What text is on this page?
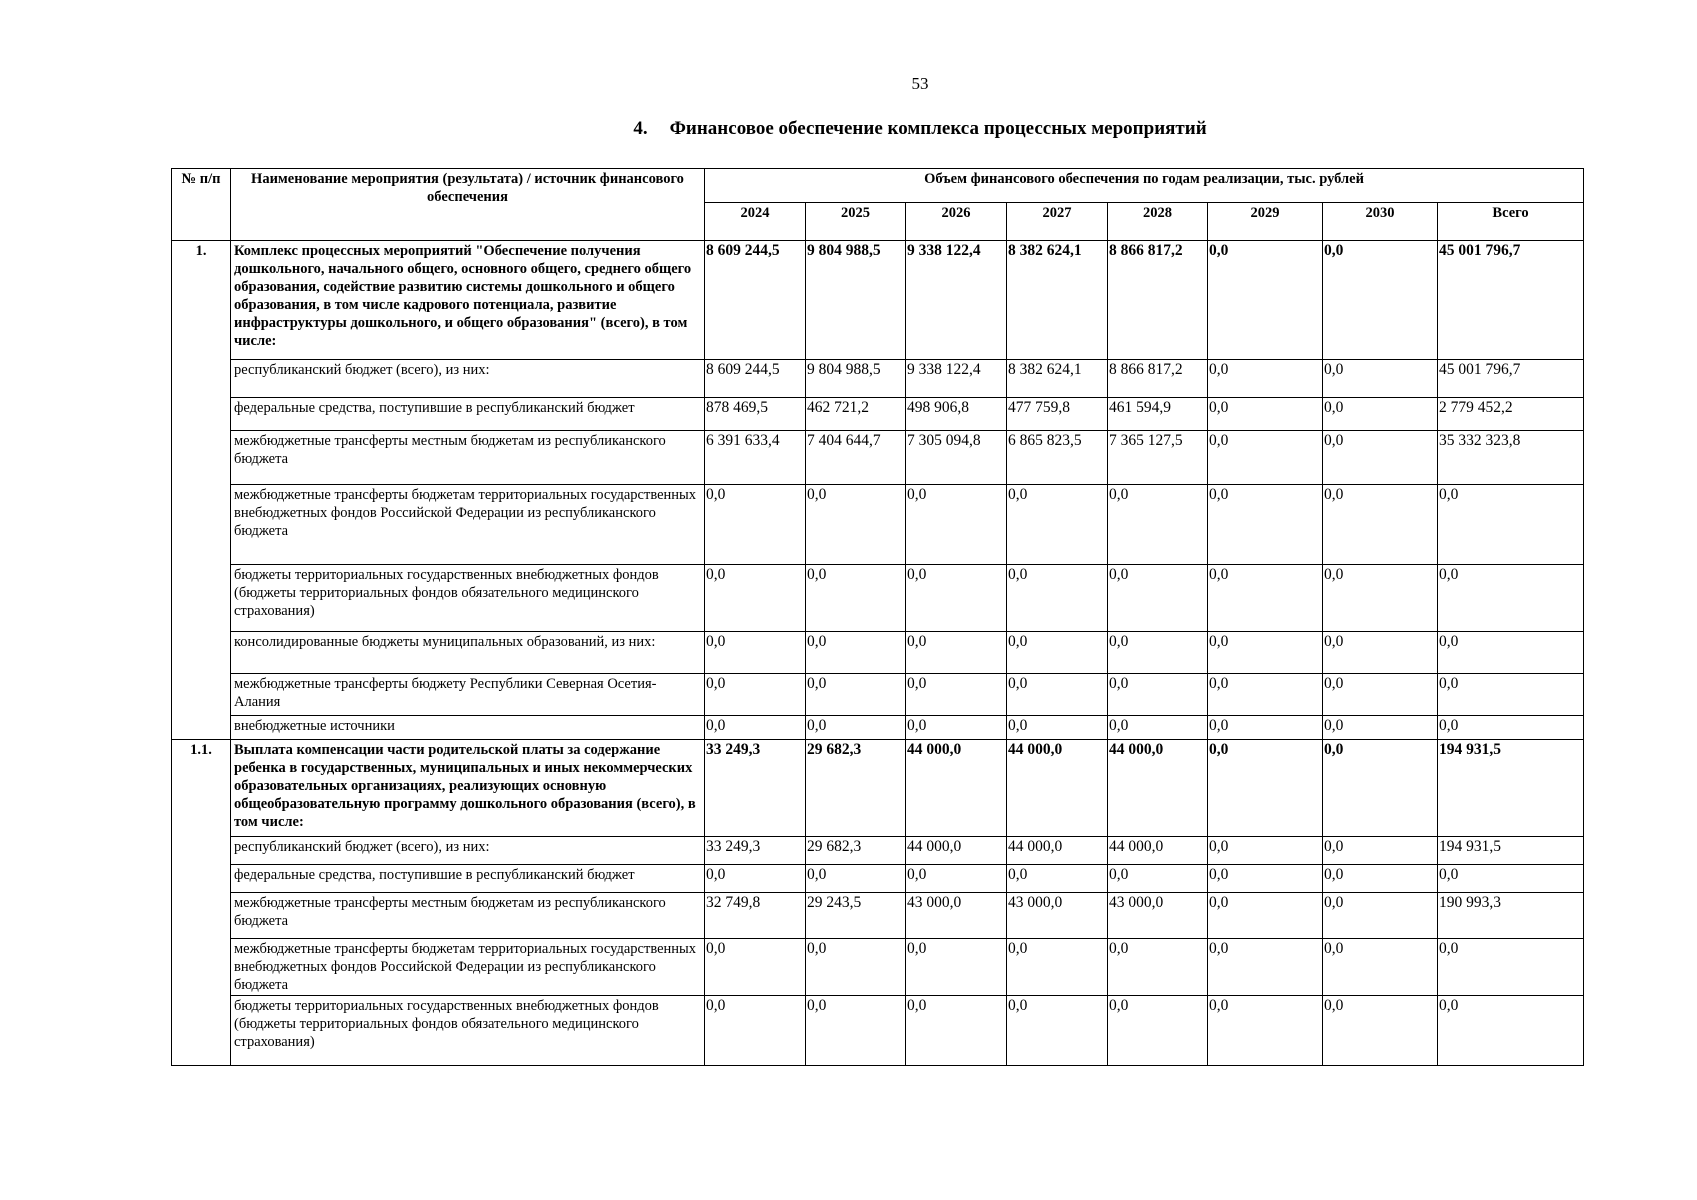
53
4. Финансовое обеспечение комплекса процессных мероприятий
№ п/п	Наименование мероприятия (результата) / источник финансового обеспечения	Объем финансового обеспечения по годам реализации, тыс. рублей							
		2024	2025	2026	2027	2028	2029	2030	Всего
1.	Комплекс процессных мероприятий "Обеспечение получения дошкольного, начального общего, основного общего, среднего общего образования, содействие развитию системы дошкольного и общего образования, в том числе кадрового потенциала, развитие инфраструктуры дошкольного, и общего образования" (всего), в том числе:	8 609 244,5	9 804 988,5	9 338 122,4	8 382 624,1	8 866 817,2	0,0	0,0	45 001 796,7
	республиканский бюджет (всего), из них:	8 609 244,5	9 804 988,5	9 338 122,4	8 382 624,1	8 866 817,2	0,0	0,0	45 001 796,7
	федеральные средства, поступившие в республиканский бюджет	878 469,5	462 721,2	498 906,8	477 759,8	461 594,9	0,0	0,0	2 779 452,2
	межбюджетные трансферты местным бюджетам из республиканского бюджета	6 391 633,4	7 404 644,7	7 305 094,8	6 865 823,5	7 365 127,5	0,0	0,0	35 332 323,8
	межбюджетные трансферты бюджетам территориальных государственных внебюджетных фондов Российской Федерации из республиканского бюджета	0,0	0,0	0,0	0,0	0,0	0,0	0,0	0,0
	бюджеты территориальных государственных внебюджетных фондов (бюджеты территориальных фондов обязательного медицинского страхования)	0,0	0,0	0,0	0,0	0,0	0,0	0,0	0,0
	консолидированные бюджеты муниципальных образований, из них:	0,0	0,0	0,0	0,0	0,0	0,0	0,0	0,0
	межбюджетные трансферты бюджету Республики Северная Осетия-Алания	0,0	0,0	0,0	0,0	0,0	0,0	0,0	0,0
	внебюджетные источники	0,0	0,0	0,0	0,0	0,0	0,0	0,0	0,0
1.1.	Выплата компенсации части родительской платы за содержание ребенка в государственных, муниципальных и иных некоммерческих образовательных организациях, реализующих основную общеобразовательную программу дошкольного образования (всего), в том числе:	33 249,3	29 682,3	44 000,0	44 000,0	44 000,0	0,0	0,0	194 931,5
	республиканский бюджет (всего), из них:	33 249,3	29 682,3	44 000,0	44 000,0	44 000,0	0,0	0,0	194 931,5
	федеральные средства, поступившие в республиканский бюджет	0,0	0,0	0,0	0,0	0,0	0,0	0,0	0,0
	межбюджетные трансферты местным бюджетам из республиканского бюджета	32 749,8	29 243,5	43 000,0	43 000,0	43 000,0	0,0	0,0	190 993,3
	межбюджетные трансферты бюджетам территориальных государственных внебюджетных фондов Российской Федерации из республиканского бюджета	0,0	0,0	0,0	0,0	0,0	0,0	0,0	0,0
	бюджеты территориальных государственных внебюджетных фондов (бюджеты территориальных фондов обязательного медицинского страхования)	0,0	0,0	0,0	0,0	0,0	0,0	0,0	0,0
